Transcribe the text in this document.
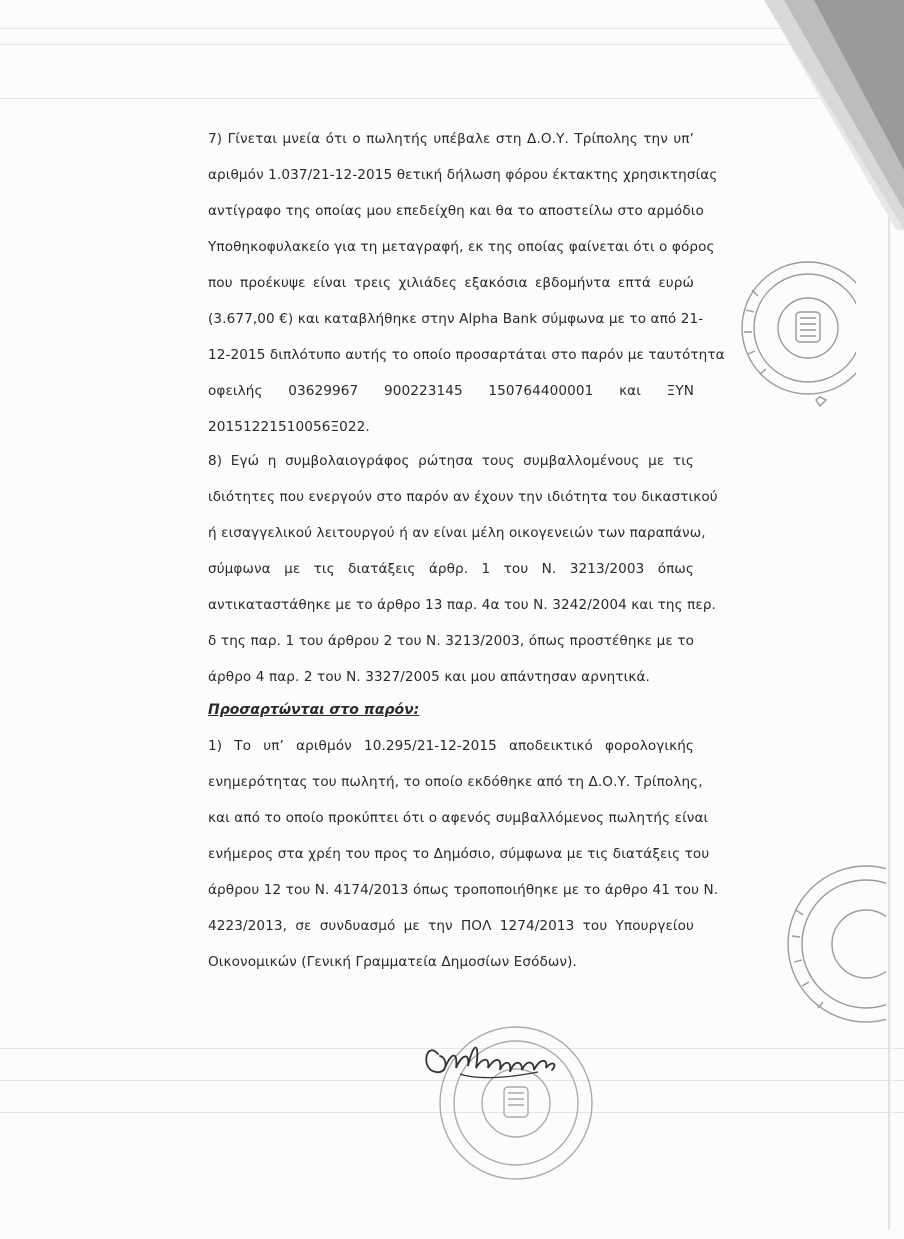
7) Γίνεται μνεία ότι ο πωλητής υπέβαλε στη Δ.Ο.Υ. Τρίπολης την υπ’
αριθμόν 1.037/21-12-2015 θετική δήλωση φόρου έκτακτης χρησικτησίας
αντίγραφο της οποίας μου επεδείχθη και θα το αποστείλω στο αρμόδιο
Υποθηκοφυλακείο για τη μεταγραφή, εκ της οποίας φαίνεται ότι ο φόρος
που προέκυψε είναι τρεις χιλιάδες εξακόσια εβδομήντα επτά ευρώ
(3.677,00 €) και καταβλήθηκε στην Alpha Bank σύμφωνα με το από 21-
12-2015 διπλότυπο αυτής το οποίο προσαρτάται στο παρόν με ταυτότητα
οφειλής 03629967 900223145 150764400001 και ΞΥΝ
20151221510056Ξ022.
8) Εγώ η συμβολαιογράφος ρώτησα τους συμβαλλομένους με τις
ιδιότητες που ενεργούν στο παρόν αν έχουν την ιδιότητα του δικαστικού
ή εισαγγελικού λειτουργού ή αν είναι μέλη οικογενειών των παραπάνω,
σύμφωνα με τις διατάξεις άρθρ. 1 του Ν. 3213/2003 όπως
αντικαταστάθηκε με το άρθρο 13 παρ. 4α του Ν. 3242/2004 και της περ.
δ της παρ. 1 του άρθρου 2 του Ν. 3213/2003, όπως προστέθηκε με το
άρθρο 4 παρ. 2 του Ν. 3327/2005 και μου απάντησαν αρνητικά.
Προσαρτώνται στο παρόν:
1) Το υπ’ αριθμόν 10.295/21-12-2015 αποδεικτικό φορολογικής
ενημερότητας του πωλητή, το οποίο εκδόθηκε από τη Δ.Ο.Υ. Τρίπολης,
και από το οποίο προκύπτει ότι ο αφενός συμβαλλόμενος πωλητής είναι
ενήμερος στα χρέη του προς το Δημόσιο, σύμφωνα με τις διατάξεις του
άρθρου 12 του Ν. 4174/2013 όπως τροποποιήθηκε με το άρθρο 41 του Ν.
4223/2013, σε συνδυασμό με την ΠΟΛ 1274/2013 του Υπουργείου
Οικονομικών (Γενική Γραμματεία Δημοσίων Εσόδων).
